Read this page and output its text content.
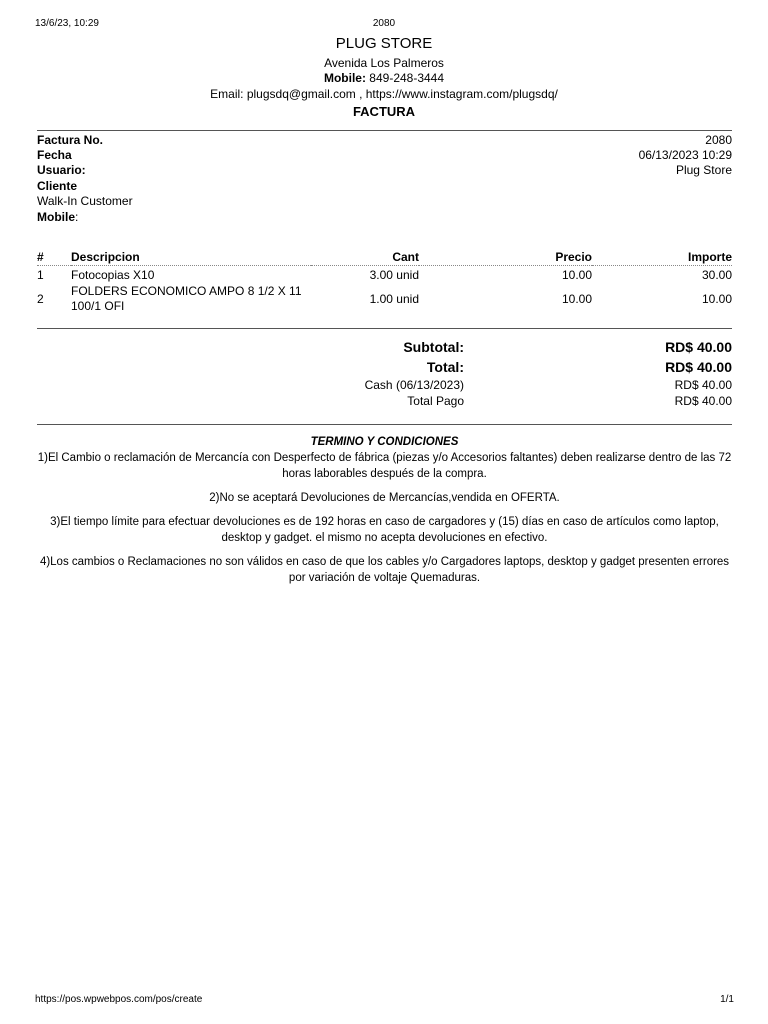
13/6/23, 10:29	2080
PLUG STORE
Avenida Los Palmeros
Mobile: 849-248-3444
Email: plugsdq@gmail.com , https://www.instagram.com/plugsdq/
FACTURA
Factura No.	2080
Fecha	06/13/2023 10:29
Usuario:	Plug Store
Cliente
Walk-In Customer
Mobile:
#	Descripcion	Cant	Precio	Importe
1	Fotocopias X10	3.00 unid	10.00	30.00
2	FOLDERS ECONOMICO AMPO 8 1/2 X 11 100/1 OFI	1.00 unid	10.00	10.00
Subtotal:	RD$ 40.00
Total:	RD$ 40.00
Cash (06/13/2023)	RD$ 40.00
Total Pago	RD$ 40.00

TERMINO Y CONDICIONES

1)El Cambio o reclamación de Mercancía con Desperfecto de fábrica (piezas y/o Accesorios faltantes) deben realizarse dentro de las 72 horas laborables después de la compra.

2)No se aceptará Devoluciones de Mercancías,vendida en OFERTA.

3)El tiempo límite para efectuar devoluciones es de 192 horas en caso de cargadores y (15) días en caso de artículos como laptop, desktop y gadget. el mismo no acepta devoluciones en efectivo.

4)Los cambios o Reclamaciones no son válidos en caso de que los cables y/o Cargadores laptops, desktop y gadget presenten errores por variación de voltaje Quemaduras.

https://pos.wpwebpos.com/pos/create	1/1
